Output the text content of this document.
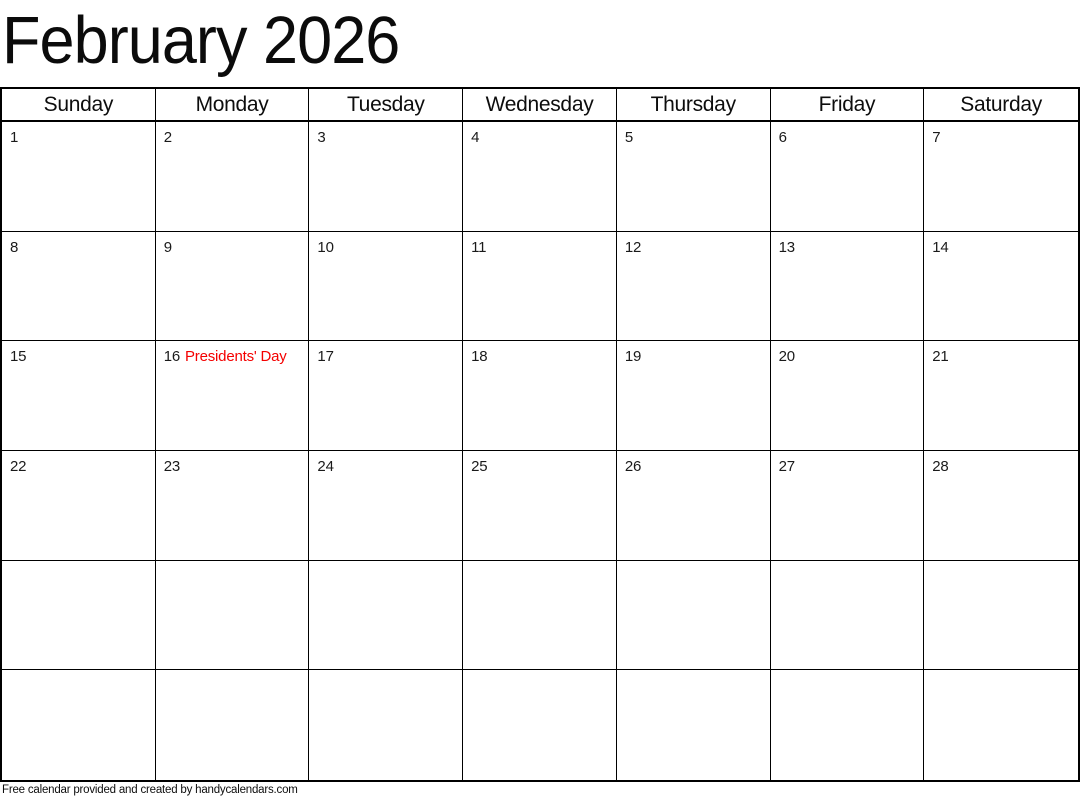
February 2026
Sunday	Monday	Tuesday	Wednesday	Thursday	Friday	Saturday
1	2	3	4	5	6	7
8	9	10	11	12	13	14
15	16 Presidents' Day	17	18	19	20	21
22	23	24	25	26	27	28
Free calendar provided and created by handycalendars.com
